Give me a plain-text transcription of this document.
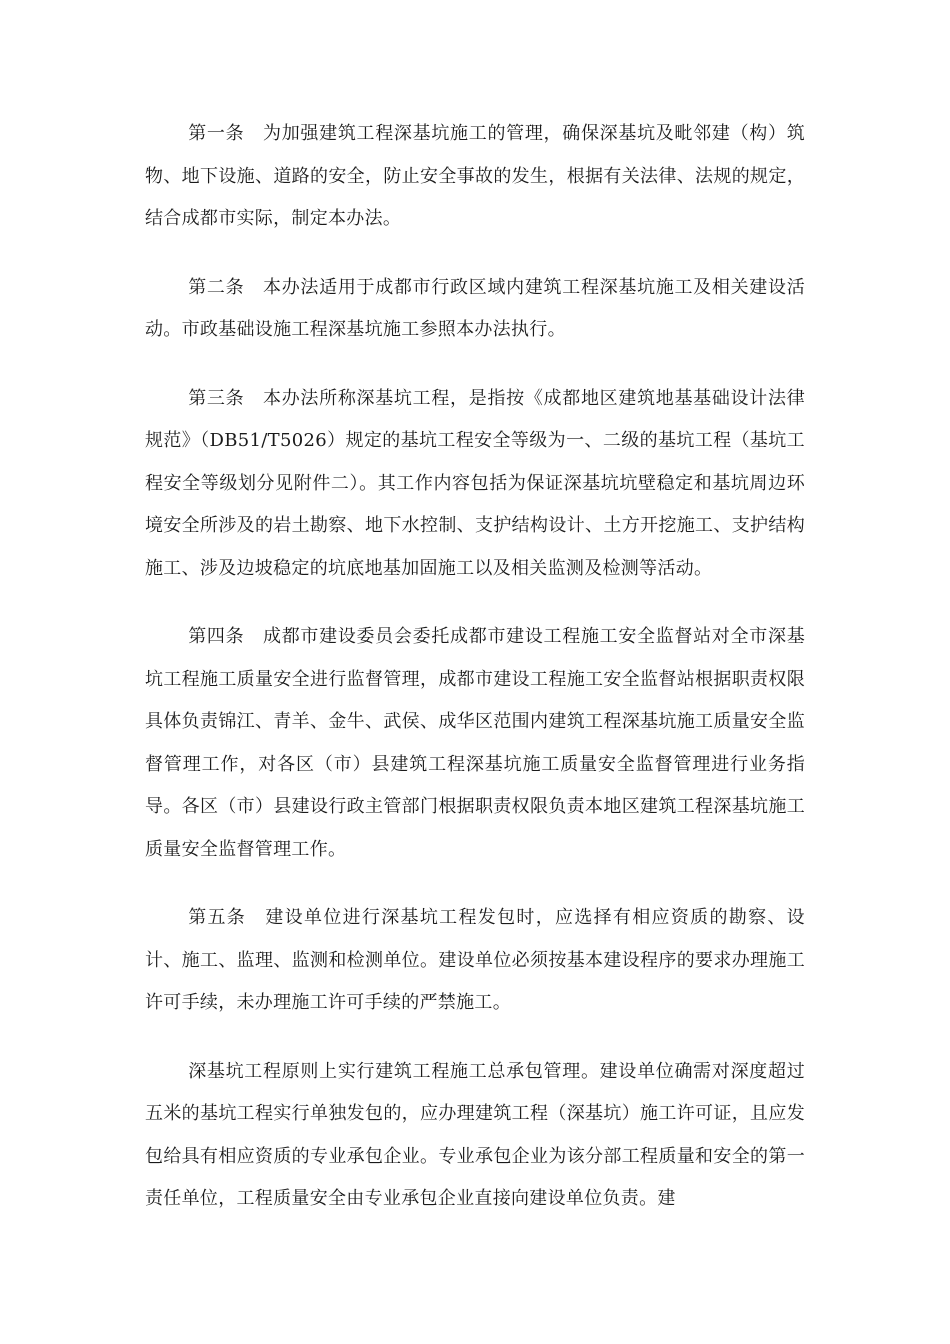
第一条　为加强建筑工程深基坑施工的管理，确保深基坑及毗邻建（构）筑物、地下设施、道路的安全，防止安全事故的发生，根据有关法律、法规的规定，结合成都市实际，制定本办法。

第二条　本办法适用于成都市行政区域内建筑工程深基坑施工及相关建设活动。市政基础设施工程深基坑施工参照本办法执行。

第三条　本办法所称深基坑工程，是指按《成都地区建筑地基基础设计法律规范》（DB51/T5026）规定的基坑工程安全等级为一、二级的基坑工程（基坑工程安全等级划分见附件二）。其工作内容包括为保证深基坑坑壁稳定和基坑周边环境安全所涉及的岩土勘察、地下水控制、支护结构设计、土方开挖施工、支护结构施工、涉及边坡稳定的坑底地基加固施工以及相关监测及检测等活动。

第四条　成都市建设委员会委托成都市建设工程施工安全监督站对全市深基坑工程施工质量安全进行监督管理，成都市建设工程施工安全监督站根据职责权限具体负责锦江、青羊、金牛、武侯、成华区范围内建筑工程深基坑施工质量安全监督管理工作，对各区（市）县建筑工程深基坑施工质量安全监督管理进行业务指导。各区（市）县建设行政主管部门根据职责权限负责本地区建筑工程深基坑施工质量安全监督管理工作。

第五条　建设单位进行深基坑工程发包时，应选择有相应资质的勘察、设计、施工、监理、监测和检测单位。建设单位必须按基本建设程序的要求办理施工许可手续，未办理施工许可手续的严禁施工。

深基坑工程原则上实行建筑工程施工总承包管理。建设单位确需对深度超过五米的基坑工程实行单独发包的，应办理建筑工程（深基坑）施工许可证，且应发包给具有相应资质的专业承包企业。专业承包企业为该分部工程质量和安全的第一责任单位，工程质量安全由专业承包企业直接向建设单位负责。建
